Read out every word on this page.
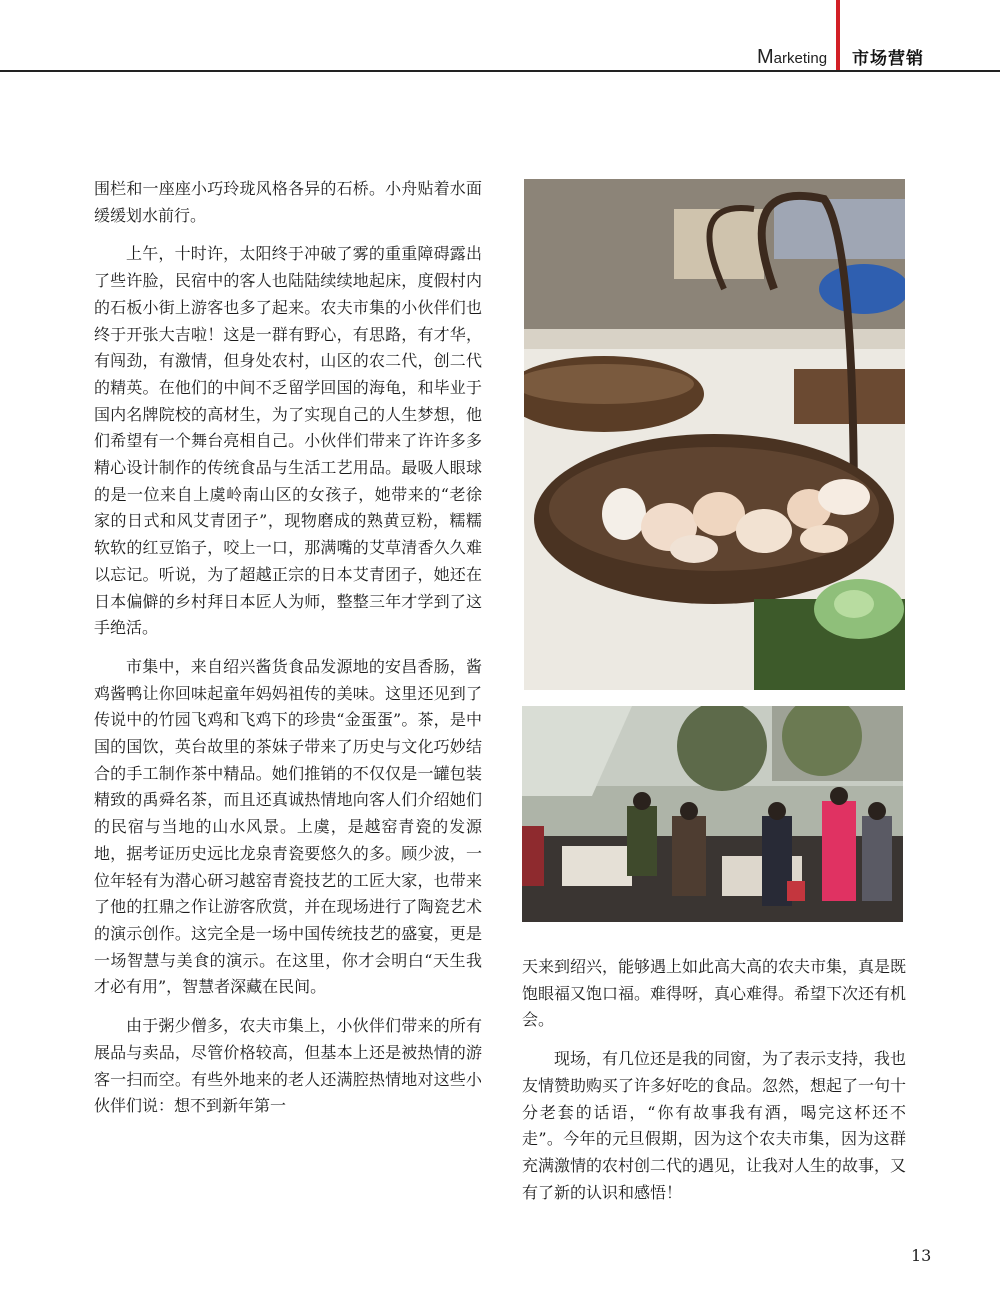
Marketing 市场营销

围栏和一座座小巧玲珑风格各异的石桥。小舟贴着水面缓缓划水前行。

上午，十时许，太阳终于冲破了雾的重重障碍露出了些许脸，民宿中的客人也陆陆续续地起床，度假村内的石板小街上游客也多了起来。农夫市集的小伙伴们也终于开张大吉啦！这是一群有野心，有思路，有才华，有闯劲，有激情，但身处农村，山区的农二代，创二代的精英。在他们的中间不乏留学回国的海龟，和毕业于国内名牌院校的高材生，为了实现自己的人生梦想，他们希望有一个舞台亮相自己。小伙伴们带来了许许多多精心设计制作的传统食品与生活工艺用品。最吸人眼球的是一位来自上虞岭南山区的女孩子，她带来的“老徐家的日式和风艾青团子”，现物磨成的熟黄豆粉，糯糯软软的红豆馅子，咬上一口，那满嘴的艾草清香久久难以忘记。听说，为了超越正宗的日本艾青团子，她还在日本偏僻的乡村拜日本匠人为师，整整三年才学到了这手绝活。

市集中，来自绍兴酱货食品发源地的安昌香肠，酱鸡酱鸭让你回味起童年妈妈祖传的美味。这里还见到了传说中的竹园飞鸡和飞鸡下的珍贵“金蛋蛋”。茶，是中国的国饮，英台故里的茶妹子带来了历史与文化巧妙结合的手工制作茶中精品。她们推销的不仅仅是一罐包装精致的禹舜名茶，而且还真诚热情地向客人们介绍她们的民宿与当地的山水风景。上虞，是越窑青瓷的发源地，据考证历史远比龙泉青瓷要悠久的多。顾少波，一位年轻有为潜心研习越窑青瓷技艺的工匠大家，也带来了他的扛鼎之作让游客欣赏，并在现场进行了陶瓷艺术的演示创作。这完全是一场中国传统技艺的盛宴，更是一场智慧与美食的演示。在这里，你才会明白“天生我才必有用”，智慧者深藏在民间。

由于粥少僧多，农夫市集上，小伙伴们带来的所有展品与卖品，尽管价格较高，但基本上还是被热情的游客一扫而空。有些外地来的老人还满腔热情地对这些小伙伴们说：想不到新年第一

天来到绍兴，能够遇上如此高大高的农夫市集，真是既饱眼福又饱口福。难得呀，真心难得。希望下次还有机会。

现场，有几位还是我的同窗，为了表示支持，我也友情赞助购买了许多好吃的食品。忽然，想起了一句十分老套的话语，“你有故事我有酒，喝完这杯还不走”。今年的元旦假期，因为这个农夫市集，因为这群充满激情的农村创二代的遇见，让我对人生的故事，又有了新的认识和感悟！

13
